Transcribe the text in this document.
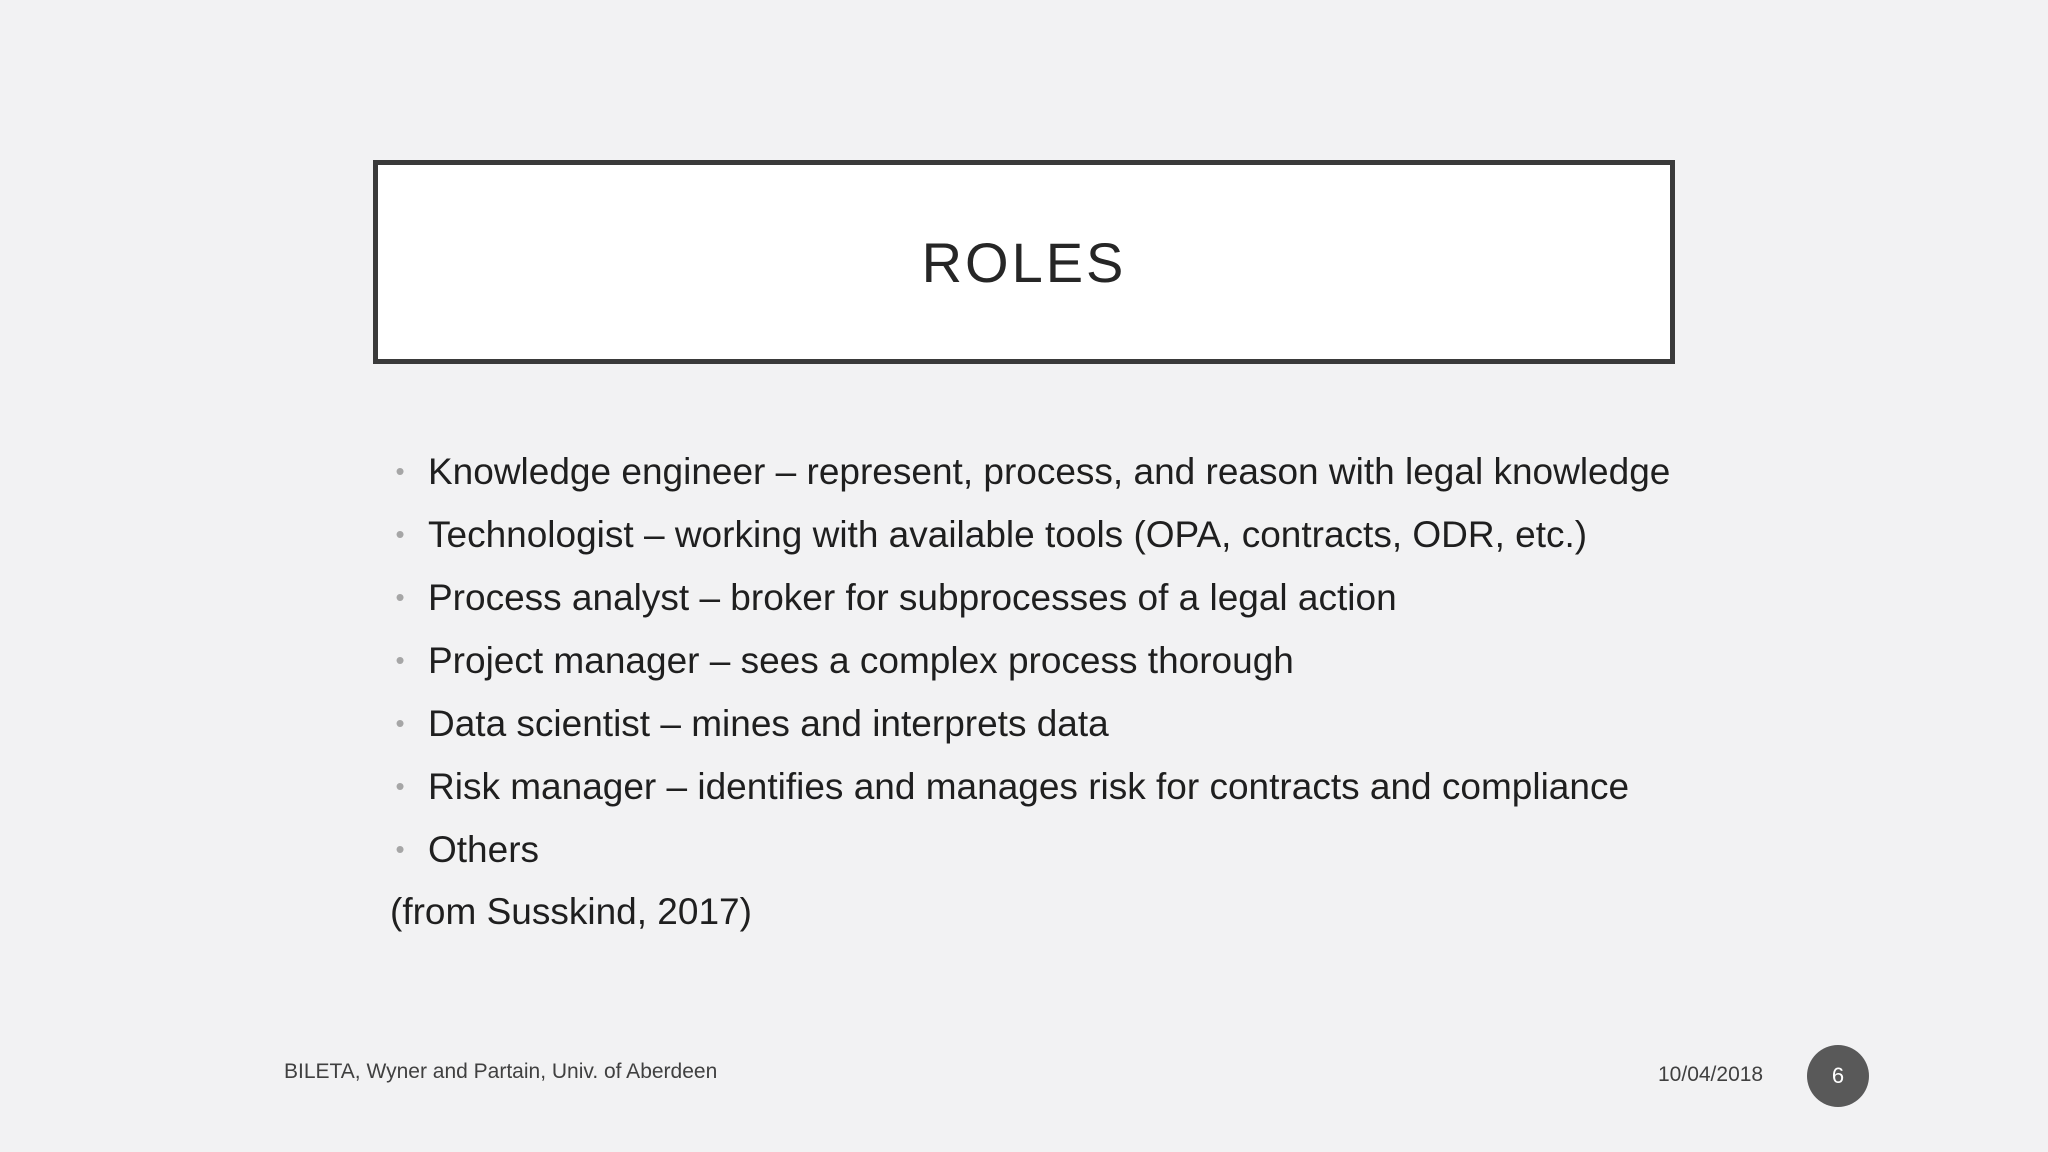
ROLES
• Knowledge engineer – represent, process, and reason with legal knowledge
• Technologist – working with available tools (OPA, contracts, ODR, etc.)
• Process analyst – broker for subprocesses of a legal action
• Project manager – sees a complex process thorough
• Data scientist – mines and interprets data
• Risk manager – identifies and manages risk for contracts and compliance
• Others
(from Susskind, 2017)
BILETA, Wyner and Partain, Univ. of Aberdeen	10/04/2018	6
